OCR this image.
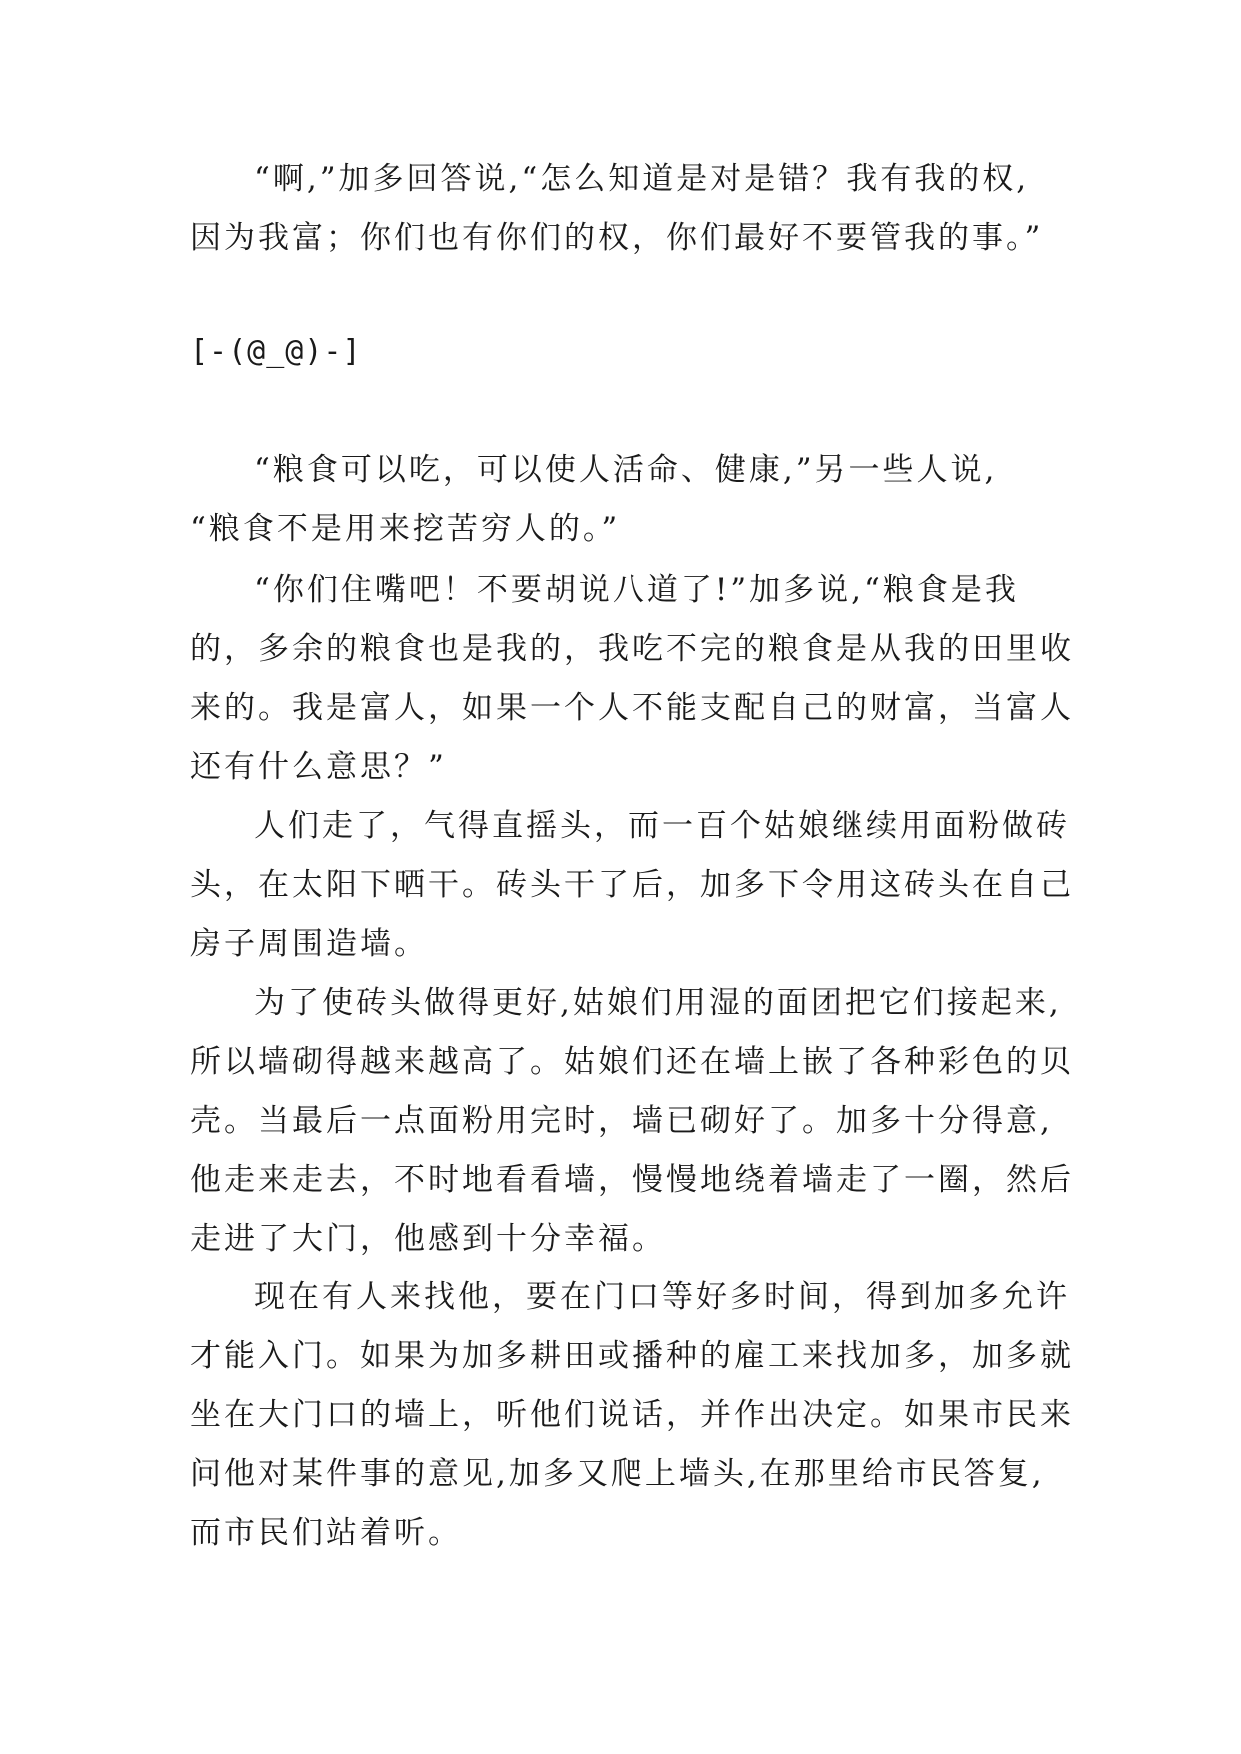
“啊,”加多回答说,“怎么知道是对是错？我有我的权,
因为我富；你们也有你们的权，你们最好不要管我的事。”
[-(@_@)-]
“粮食可以吃，可以使人活命、健康,”另一些人说,
“粮食不是用来挖苦穷人的。”
“你们住嘴吧！不要胡说八道了!”加多说,“粮食是我
的，多余的粮食也是我的，我吃不完的粮食是从我的田里收
来的。我是富人，如果一个人不能支配自己的财富，当富人
还有什么意思？”
人们走了，气得直摇头，而一百个姑娘继续用面粉做砖
头，在太阳下晒干。砖头干了后，加多下令用这砖头在自己
房子周围造墙。
为了使砖头做得更好,姑娘们用湿的面团把它们接起来,
所以墙砌得越来越高了。姑娘们还在墙上嵌了各种彩色的贝
壳。当最后一点面粉用完时，墙已砌好了。加多十分得意,
他走来走去，不时地看看墙，慢慢地绕着墙走了一圈，然后
走进了大门，他感到十分幸福。
现在有人来找他，要在门口等好多时间，得到加多允许
才能入门。如果为加多耕田或播种的雇工来找加多，加多就
坐在大门口的墙上，听他们说话，并作出决定。如果市民来
问他对某件事的意见,加多又爬上墙头,在那里给市民答复,
而市民们站着听。
